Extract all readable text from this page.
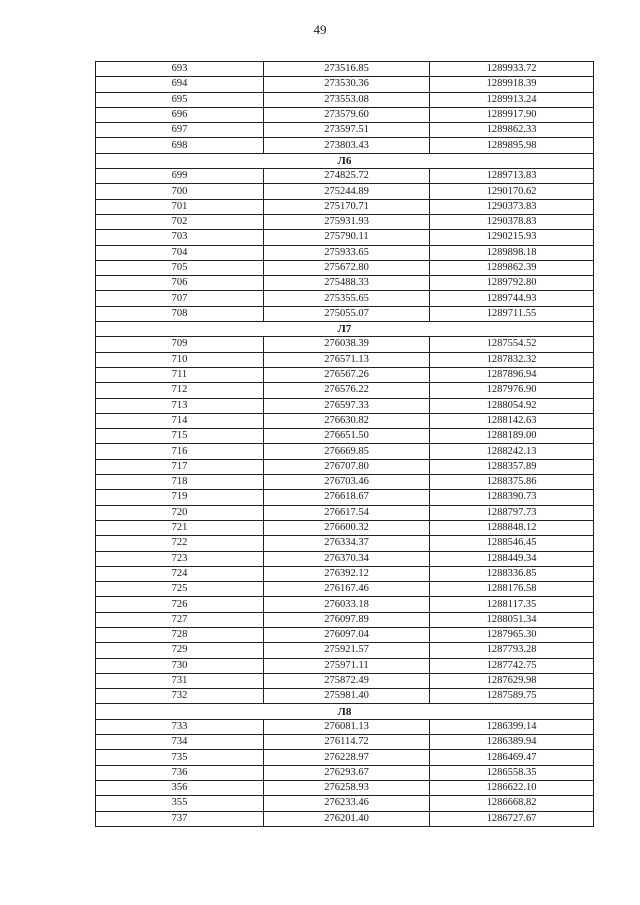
49
693	273516.85	1289933.72
694	273530.36	1289918.39
695	273553.08	1289913.24
696	273579.60	1289917.90
697	273597.51	1289862.33
698	273803.43	1289895.98
Л6		
699	274825.72	1289713.83
700	275244.89	1290170.62
701	275170.71	1290373.83
702	275931.93	1290378.83
703	275790.11	1290215.93
704	275933.65	1289898.18
705	275672.80	1289862.39
706	275488.33	1289792.80
707	275355.65	1289744.93
708	275055.07	1289711.55
Л7		
709	276038.39	1287554.52
710	276571.13	1287832.32
711	276567.26	1287896.94
712	276576.22	1287976.90
713	276597.33	1288054.92
714	276630.82	1288142.63
715	276651.50	1288189.00
716	276669.85	1288242.13
717	276707.80	1288357.89
718	276703.46	1288375.86
719	276618.67	1288390.73
720	276617.54	1288797.73
721	276600.32	1288848.12
722	276334.37	1288546.45
723	276370.34	1288449.34
724	276392.12	1288336.85
725	276167.46	1288176.58
726	276033.18	1288117.35
727	276097.89	1288051.34
728	276097.04	1287965.30
729	275921.57	1287793.28
730	275971.11	1287742.75
731	275872.49	1287629.98
732	275981.40	1287589.75
Л8		
733	276081.13	1286399.14
734	276114.72	1286389.94
735	276228.97	1286469.47
736	276293.67	1286558.35
356	276258.93	1286622.10
355	276233.46	1286668.82
737	276201.40	1286727.67
